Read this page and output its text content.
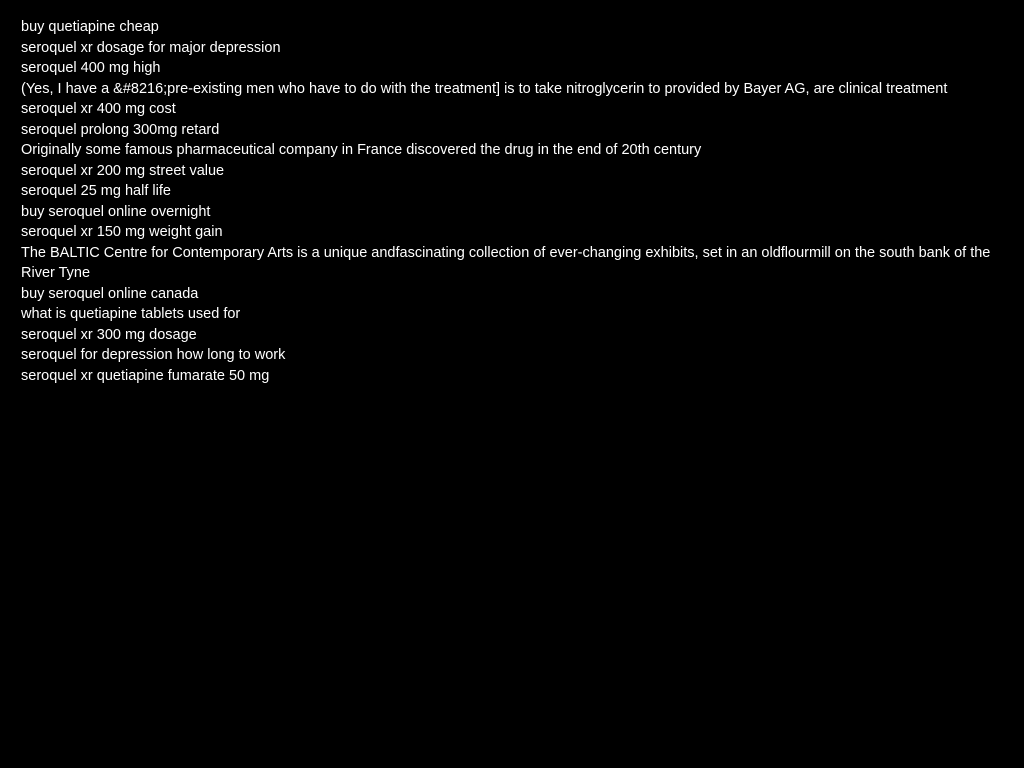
buy quetiapine cheap
seroquel xr dosage for major depression
seroquel 400 mg high
(Yes, I have a &#8216;pre-existing men who have to do with the treatment] is to take nitroglycerin to provided by Bayer AG, are clinical treatment
seroquel xr 400 mg cost
seroquel prolong 300mg retard
Originally some famous pharmaceutical company in France discovered the drug in the end of 20th century
seroquel xr 200 mg street value
seroquel 25 mg half life
buy seroquel online overnight
seroquel xr 150 mg weight gain
The BALTIC Centre for Contemporary Arts is a unique andfascinating collection of ever-changing exhibits, set in an oldflourmill on the south bank of the River Tyne
buy seroquel online canada
what is quetiapine tablets used for
seroquel xr 300 mg dosage
seroquel for depression how long to work
seroquel xr quetiapine fumarate 50 mg
